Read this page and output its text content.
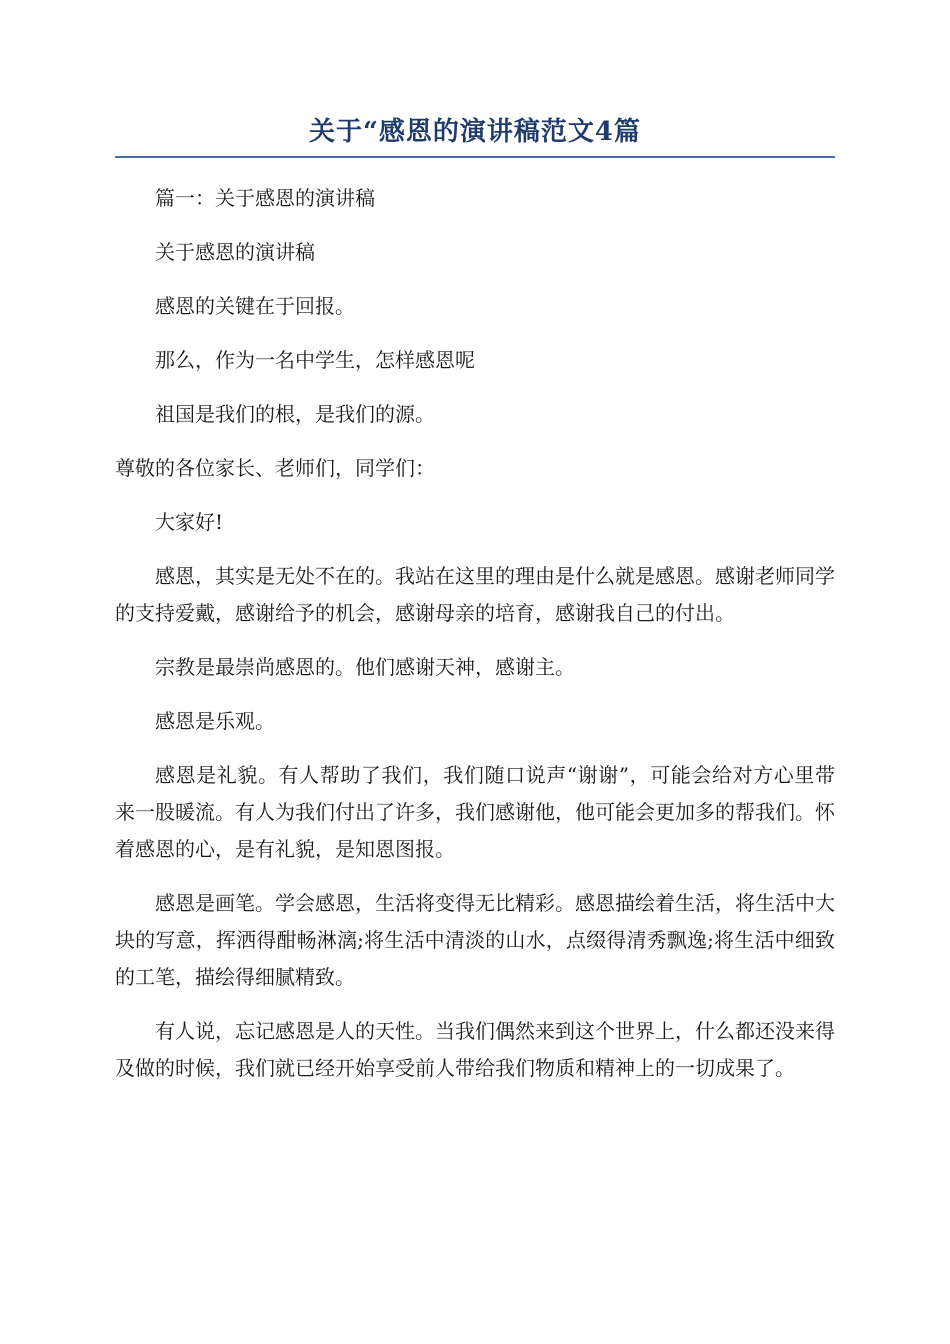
关于“感恩的演讲稿范文4篇

篇一：关于感恩的演讲稿

关于感恩的演讲稿

感恩的关键在于回报。

那么，作为一名中学生，怎样感恩呢

祖国是我们的根，是我们的源。

尊敬的各位家长、老师们，同学们：

大家好!

感恩，其实是无处不在的。我站在这里的理由是什么就是感恩。感谢老师同学的支持爱戴，感谢给予的机会，感谢母亲的培育，感谢我自己的付出。

宗教是最崇尚感恩的。他们感谢天神，感谢主。

感恩是乐观。

感恩是礼貌。有人帮助了我们，我们随口说声“谢谢”，可能会给对方心里带来一股暖流。有人为我们付出了许多，我们感谢他，他可能会更加多的帮我们。怀着感恩的心，是有礼貌，是知恩图报。

感恩是画笔。学会感恩，生活将变得无比精彩。感恩描绘着生活，将生活中大块的写意，挥洒得酣畅淋漓;将生活中清淡的山水，点缀得清秀飘逸;将生活中细致的工笔，描绘得细腻精致。

有人说，忘记感恩是人的天性。当我们偶然来到这个世界上，什么都还没来得及做的时候，我们就已经开始享受前人带给我们物质和精神上的一切成果了。
